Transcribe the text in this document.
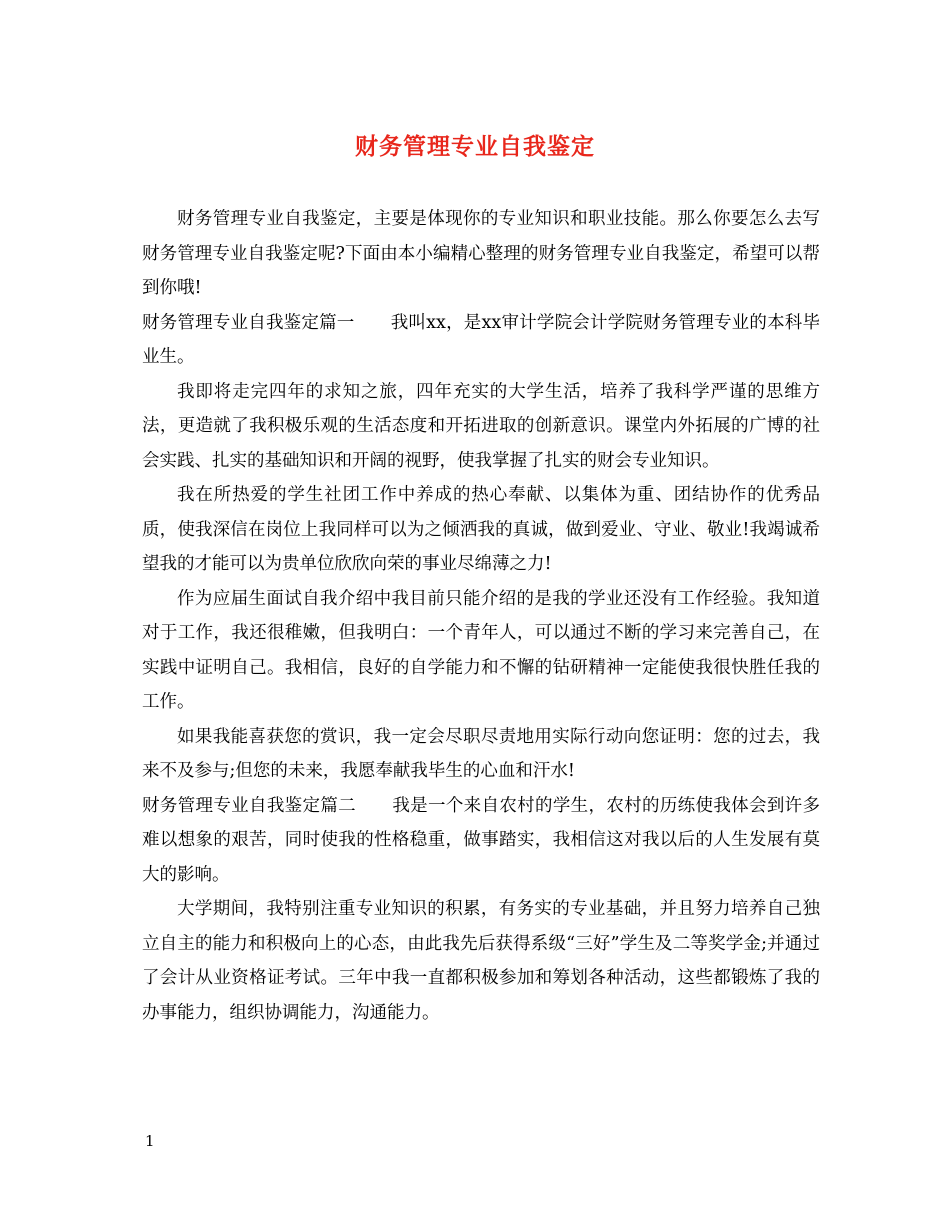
财务管理专业自我鉴定

财务管理专业自我鉴定，主要是体现你的专业知识和职业技能。那么你要怎么去写财务管理专业自我鉴定呢?下面由本小编精心整理的财务管理专业自我鉴定，希望可以帮到你哦!

财务管理专业自我鉴定篇一 我叫xx，是xx审计学院会计学院财务管理专业的本科毕业生。

我即将走完四年的求知之旅，四年充实的大学生活，培养了我科学严谨的思维方法，更造就了我积极乐观的生活态度和开拓进取的创新意识。课堂内外拓展的广博的社会实践、扎实的基础知识和开阔的视野，使我掌握了扎实的财会专业知识。

我在所热爱的学生社团工作中养成的热心奉献、以集体为重、团结协作的优秀品质，使我深信在岗位上我同样可以为之倾洒我的真诚，做到爱业、守业、敬业!我竭诚希望我的才能可以为贵单位欣欣向荣的事业尽绵薄之力!

作为应届生面试自我介绍中我目前只能介绍的是我的学业还没有工作经验。我知道对于工作，我还很稚嫩，但我明白：一个青年人，可以通过不断的学习来完善自己，在实践中证明自己。我相信，良好的自学能力和不懈的钻研精神一定能使我很快胜任我的工作。

如果我能喜获您的赏识，我一定会尽职尽责地用实际行动向您证明：您的过去，我来不及参与;但您的未来，我愿奉献我毕生的心血和汗水!

财务管理专业自我鉴定篇二 我是一个来自农村的学生，农村的历练使我体会到许多难以想象的艰苦，同时使我的性格稳重，做事踏实，我相信这对我以后的人生发展有莫大的影响。

大学期间，我特别注重专业知识的积累，有务实的专业基础，并且努力培养自己独立自主的能力和积极向上的心态，由此我先后获得系级“三好”学生及二等奖学金;并通过了会计从业资格证考试。三年中我一直都积极参加和筹划各种活动，这些都锻炼了我的办事能力，组织协调能力，沟通能力。

1
